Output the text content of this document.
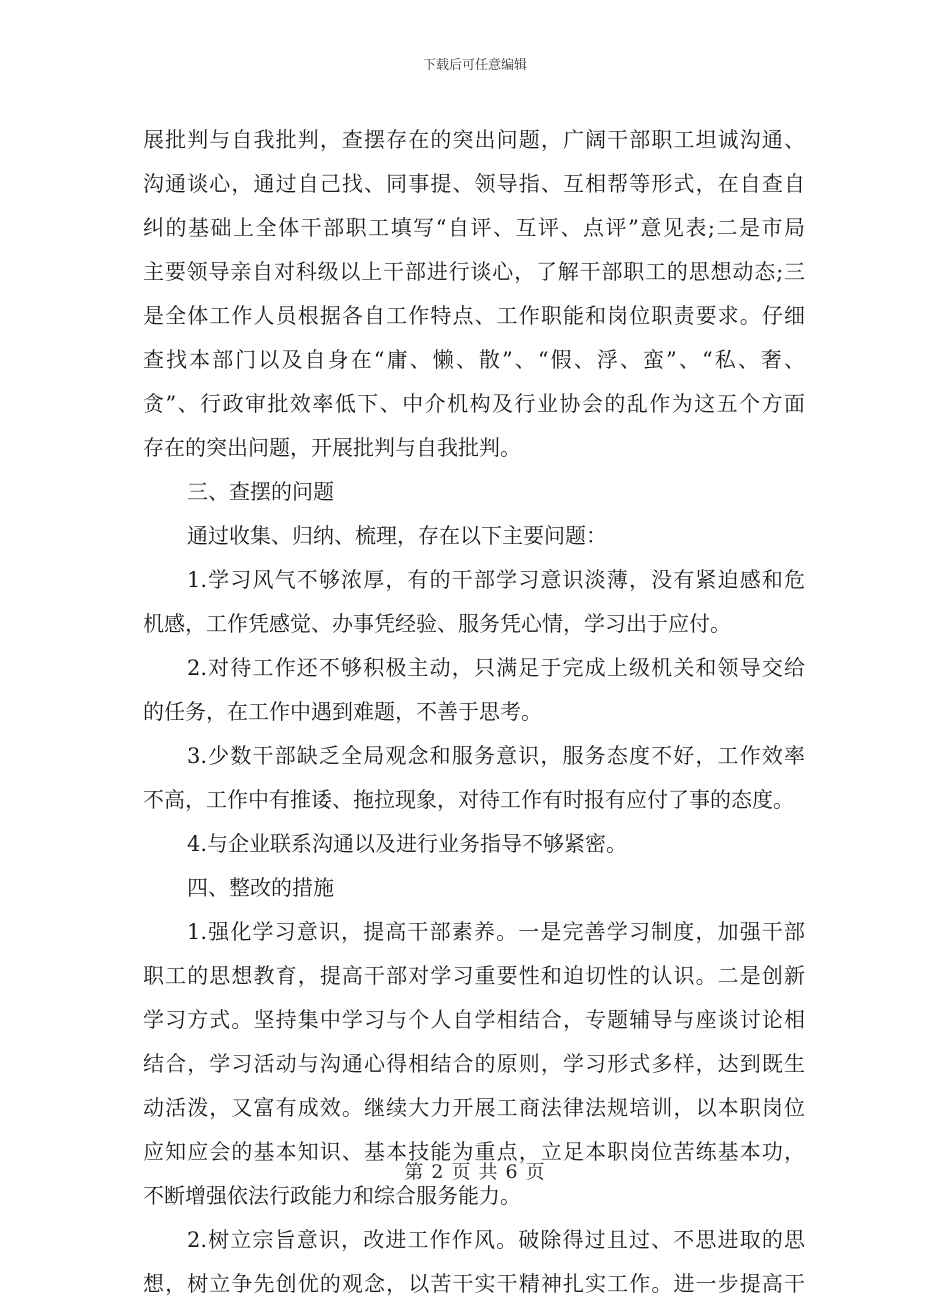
下载后可任意编辑
展批判与自我批判，查摆存在的突出问题，广阔干部职工坦诚沟通、
沟通谈心，通过自己找、同事提、领导指、互相帮等形式，在自查自
纠的基础上全体干部职工填写“自评、互评、点评”意见表;二是市局
主要领导亲自对科级以上干部进行谈心，了解干部职工的思想动态;三
是全体工作人员根据各自工作特点、工作职能和岗位职责要求。仔细
查找本部门以及自身在“庸、懒、散”、“假、浮、蛮”、“私、奢、
贪”、行政审批效率低下、中介机构及行业协会的乱作为这五个方面
存在的突出问题，开展批判与自我批判。
三、查摆的问题
通过收集、归纳、梳理，存在以下主要问题：
1.学习风气不够浓厚，有的干部学习意识淡薄，没有紧迫感和危
机感，工作凭感觉、办事凭经验、服务凭心情，学习出于应付。
2.对待工作还不够积极主动，只满足于完成上级机关和领导交给
的任务，在工作中遇到难题，不善于思考。
3.少数干部缺乏全局观念和服务意识，服务态度不好，工作效率
不高，工作中有推诿、拖拉现象，对待工作有时报有应付了事的态度。
4.与企业联系沟通以及进行业务指导不够紧密。
四、整改的措施
1.强化学习意识，提高干部素养。一是完善学习制度，加强干部
职工的思想教育，提高干部对学习重要性和迫切性的认识。二是创新
学习方式。坚持集中学习与个人自学相结合，专题辅导与座谈讨论相
结合，学习活动与沟通心得相结合的原则，学习形式多样，达到既生
动活泼，又富有成效。继续大力开展工商法律法规培训，以本职岗位
应知应会的基本知识、基本技能为重点，立足本职岗位苦练基本功，
不断增强依法行政能力和综合服务能力。
2.树立宗旨意识，改进工作作风。破除得过且过、不思进取的思
想，树立争先创优的观念，以苦干实干精神扎实工作。进一步提高干
第 2 页 共 6 页
